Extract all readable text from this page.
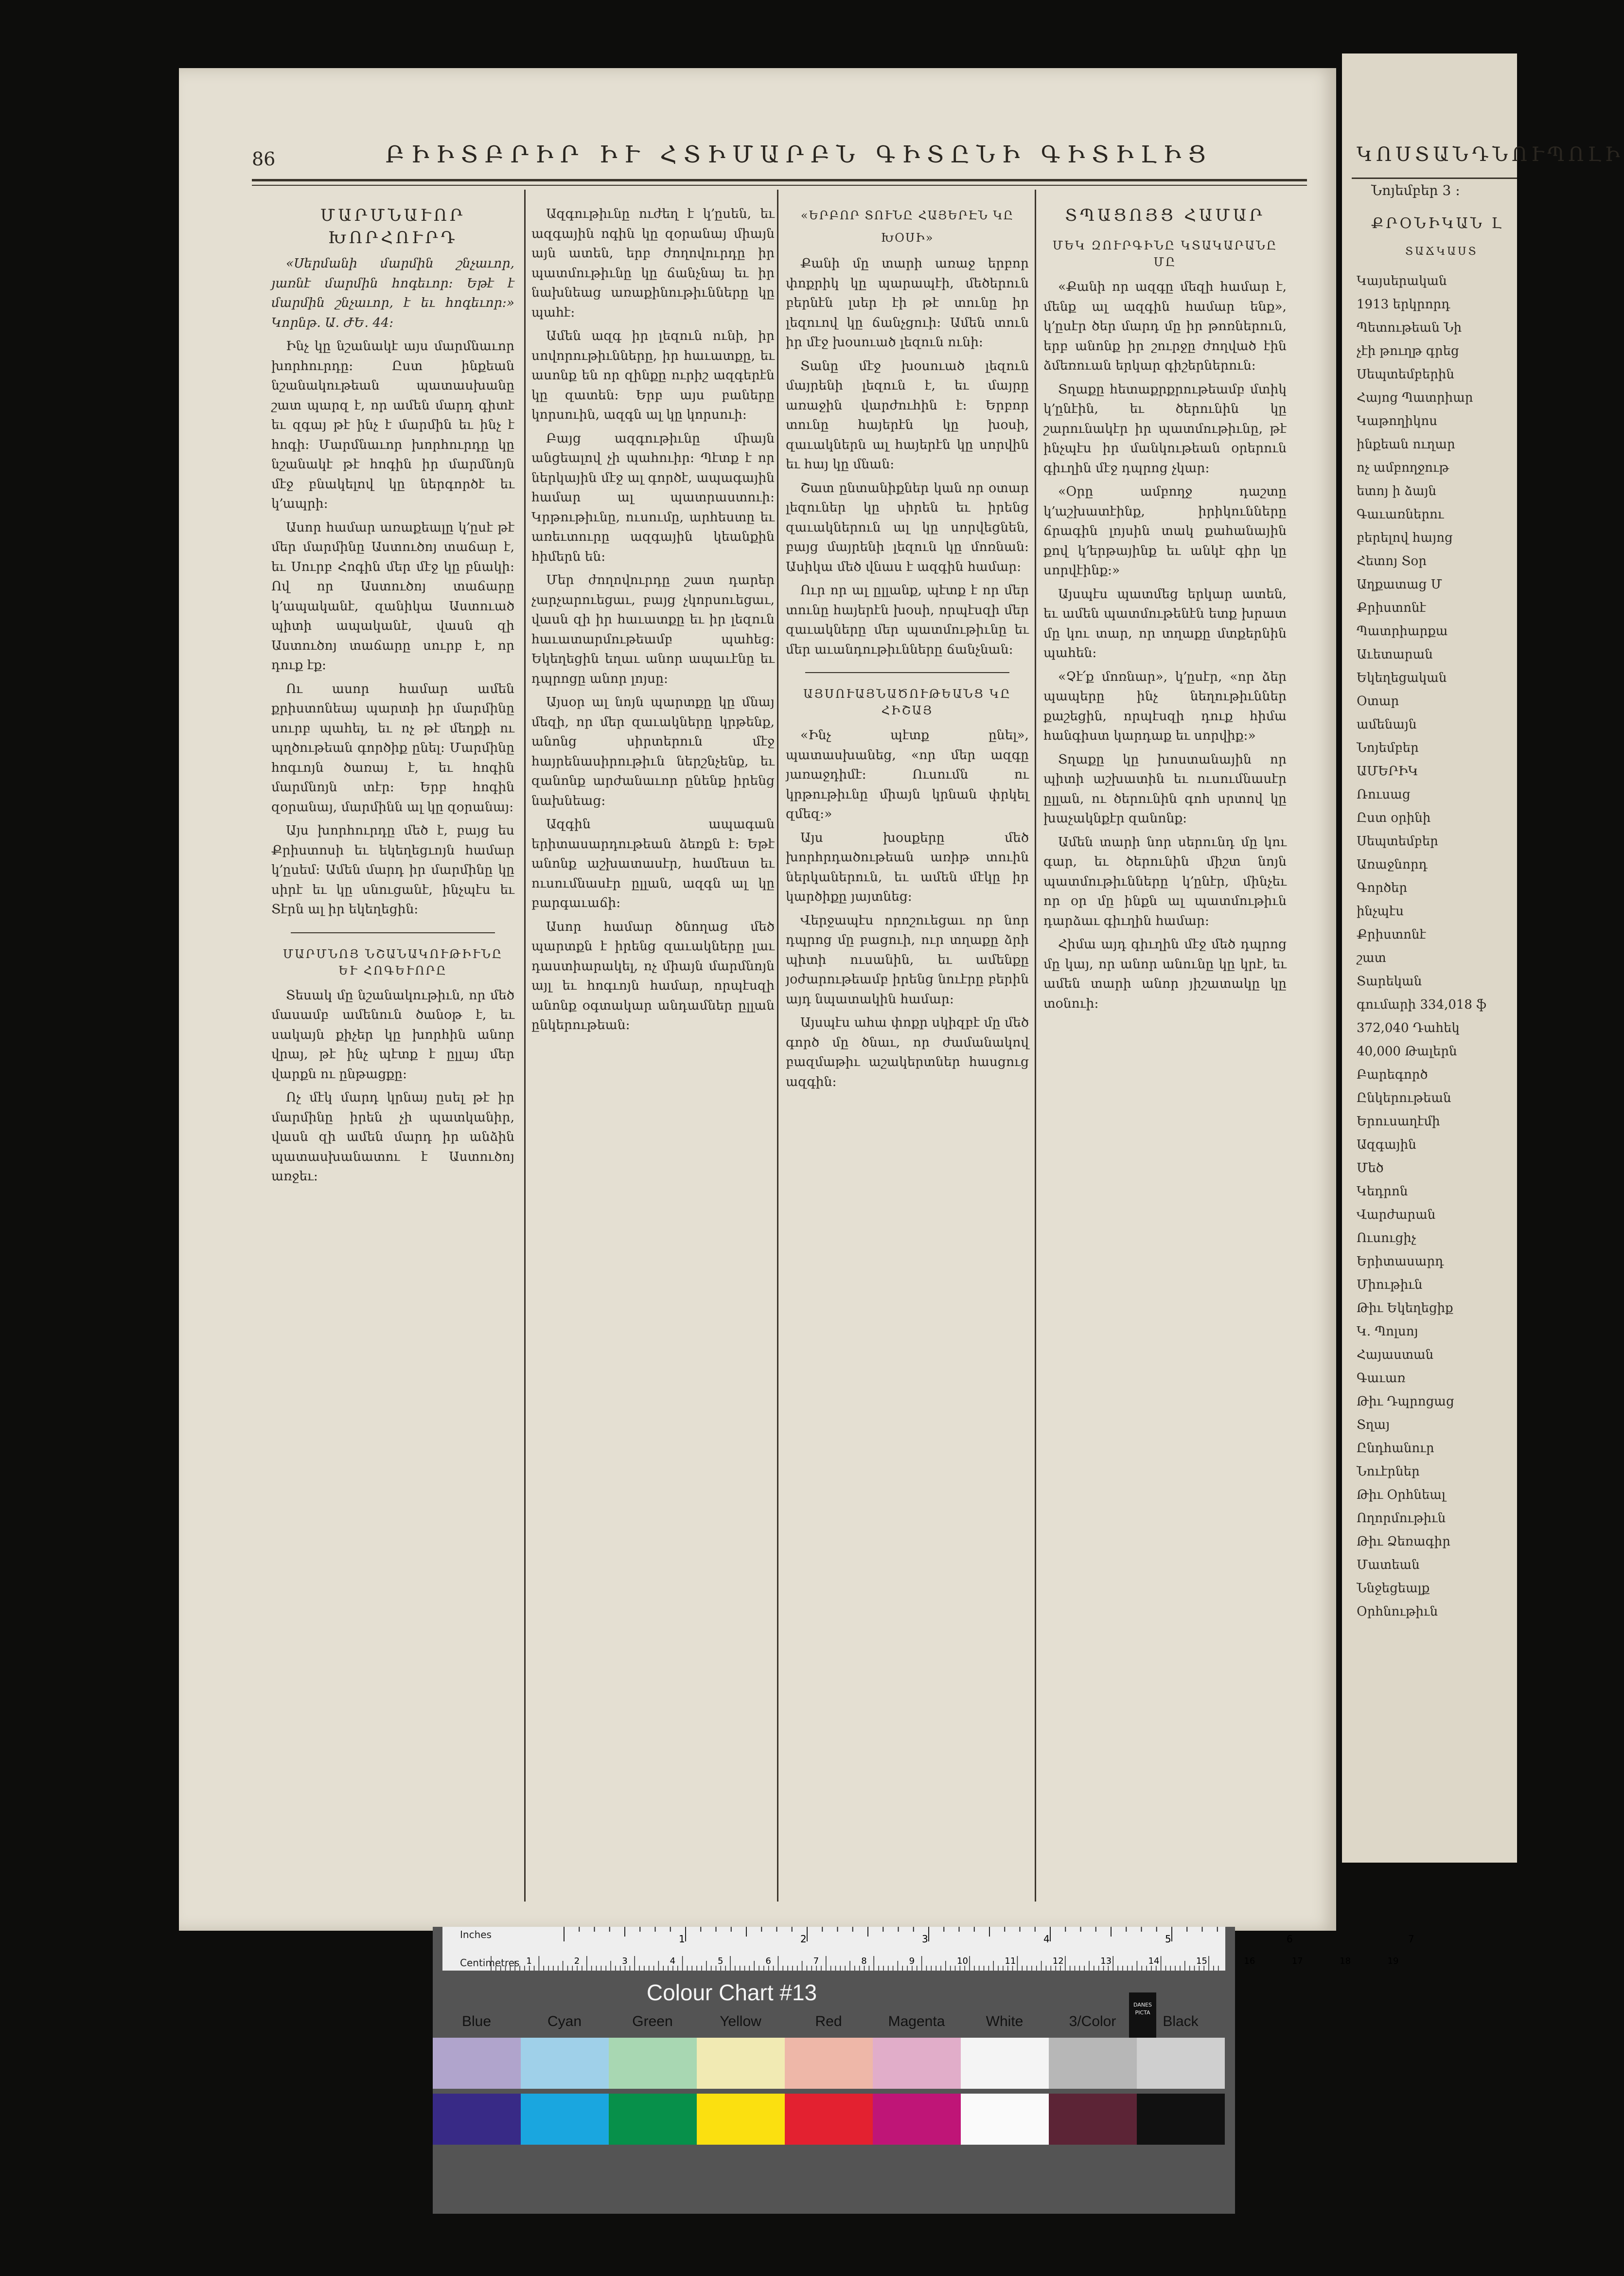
86	ԲԻԻՏԲՐԻՐ ԻՒ ՀՏԻՄԱՐԲՆ ԳԻՏԸՆԻ ԳԻՏԻԼԻՑ
ՄԱՐՄՆԱՒՈՐ ԽՈՐՀՈՒՐԴ

«Սերմանի մարմին շնչաւոր, յառնէ մարմին հոգեւոր։ Եթէ է մարմին շնչաւոր, է եւ հոգեւոր։» Կորնթ. Ա. ԺԵ. 44։

Ինչ կը նշանակէ այս մարմնաւոր խորհուրդը։ Ըստ ինքեան նշանակութեան պատասխանը շատ պարզ է, որ ամեն մարդ գիտէ եւ զգայ թէ ինչ է մարմին եւ ինչ է հոգի։ Մարմնաւոր խորհուրդը կը նշանակէ թէ հոգին իր մարմնոյն մէջ բնակելով կը ներգործէ եւ կ՚ապրի։

Ասոր համար առաքեալը կ՚ըսէ թէ մեր մարմինը Աստուծոյ տաճար է, եւ Սուրբ Հոգին մեր մէջ կը բնակի։ Ով որ Աստուծոյ տաճարը կ՚ապականէ, զանիկա Աստուած պիտի ապականէ, վասն զի Աստուծոյ տաճարը սուրբ է, որ դուք էք։

Ու ասոր համար ամեն քրիստոնեայ պարտի իր մարմինը սուրբ պահել, եւ ոչ թէ մեղքի ու պղծութեան գործիք ընել։ Մարմինը հոգւոյն ծառայ է, եւ հոգին մարմնոյն տէր։ Երբ հոգին զօրանայ, մարմինն ալ կը զօրանայ։

Այս խորհուրդը մեծ է, բայց ես Քրիստոսի եւ եկեղեցւոյն համար կ՚ըսեմ։ Ամեն մարդ իր մարմինը կը սիրէ եւ կը սնուցանէ, ինչպէս եւ Տէրն ալ իր եկեղեցին։

ՄԱՐՄՆՈՅ ՆՇԱՆԱԿՈՒԹԻՒՆԸ ԵՒ ՀՈԳԵՒՈՐԸ

Տեսակ մը նշանակութիւն, որ մեծ մասամբ ամենուն ծանօթ է, եւ սակայն քիչեր կը խորհին անոր վրայ, թէ ինչ պէտք է ըլլայ մեր վարքն ու ընթացքը։

Ոչ մէկ մարդ կրնայ ըսել թէ իր մարմինը իրեն չի պատկանիր, վասն զի ամեն մարդ իր անձին պատասխանատու է Աստուծոյ առջեւ։

Ազգութիւնը ուժեղ է կ՚ըսեն, եւ ազգային ոգին կը զօրանայ միայն այն ատեն, երբ ժողովուրդը իր պատմութիւնը կը ճանչնայ եւ իր նախնեաց առաքինութիւնները կը պահէ։

Ամեն ազգ իր լեզուն ունի, իր սովորութիւնները, իր հաւատքը, եւ ասոնք են որ զինքը ուրիշ ազգերէն կը զատեն։ Երբ այս բաները կորսուին, ազգն ալ կը կորսուի։

Բայց ազգութիւնը միայն անցեալով չի պահուիր։ Պէտք է որ ներկային մէջ ալ գործէ, ապագային համար ալ պատրաստուի։ Կրթութիւնը, ուսումը, արհեստը եւ առեւտուրը ազգային կեանքին հիմերն են։

Մեր ժողովուրդը շատ դարեր չարչարուեցաւ, բայց չկորսուեցաւ, վասն զի իր հաւատքը եւ իր լեզուն հաւատարմութեամբ պահեց։ Եկեղեցին եղաւ անոր ապաւէնը եւ դպրոցը անոր լոյսը։

Այսօր ալ նոյն պարտքը կը մնայ մեզի, որ մեր զաւակները կրթենք, անոնց սիրտերուն մէջ հայրենասիրութիւն ներշնչենք, եւ զանոնք արժանաւոր ընենք իրենց նախնեաց։

Ազգին ապագան երիտասարդութեան ձեռքն է։ Եթէ անոնք աշխատասէր, համեստ եւ ուսումնասէր ըլլան, ազգն ալ կը բարգաւաճի։

Ասոր համար ծնողաց մեծ պարտքն է իրենց զաւակները լաւ դաստիարակել, ոչ միայն մարմնոյն այլ եւ հոգւոյն համար, որպէսզի անոնք օգտակար անդամներ ըլլան ընկերութեան։

«ԵՐԲՈՐ ՏՈՒՆԸ ՀԱՅԵՐԷՆ ԿԸ ԽՕՍԻ»

Քանի մը տարի առաջ երբոր փոքրիկ կը պարապէի, մեծերուն բերնէն լսեր էի թէ տունը իր լեզուով կը ճանչցուի։ Ամեն տուն իր մէջ խօսուած լեզուն ունի։

Տանը մէջ խօսուած լեզուն մայրենի լեզուն է, եւ մայրը առաջին վարժուհին է։ Երբոր տունը հայերէն կը խօսի, զաւակներն ալ հայերէն կը սորվին եւ հայ կը մնան։

Շատ ընտանիքներ կան որ օտար լեզուներ կը սիրեն եւ իրենց զաւակներուն ալ կը սորվեցնեն, բայց մայրենի լեզուն կը մոռնան։ Ասիկա մեծ վնաս է ազգին համար։

Ուր որ ալ ըլլանք, պէտք է որ մեր տունը հայերէն խօսի, որպէսզի մեր զաւակները մեր պատմութիւնը եւ մեր աւանդութիւնները ճանչնան։

ԱՅՍՈՒԱՅՆԱԾՈՒԹԵԱՆՑ ԿԸ ՀԻՇԱՅ

«Ինչ պէտք ընել», պատասխանեց, «որ մեր ազգը յառաջդիմէ։ Ուսումն ու կրթութիւնը միայն կրնան փրկել զմեզ։»

Այս խօսքերը մեծ խորհրդածութեան առիթ տուին ներկաներուն, եւ ամեն մէկը իր կարծիքը յայտնեց։

Վերջապէս որոշուեցաւ որ նոր դպրոց մը բացուի, ուր տղաքը ձրի պիտի ուսանին, եւ ամենքը յօժարութեամբ իրենց նուէրը բերին այդ նպատակին համար։

Այսպէս ահա փոքր սկիզբէ մը մեծ գործ մը ծնաւ, որ ժամանակով բազմաթիւ աշակերտներ հասցուց ազգին։

ՏՊԱՑՈՅՑ ՀԱՄԱՐ
ՄԵԿ ԶՈՒՐԳԻՆԸ ԿՏԱԿԱՐԱՆԸ ՄԸ

«Քանի որ ազգը մեզի համար է, մենք ալ ազգին համար ենք», կ՚ըսէր ծեր մարդ մը իր թոռներուն, երբ անոնք իր շուրջը ժողված էին ձմեռուան երկար գիշերներուն։

Տղաքը հետաքրքրութեամբ մտիկ կ՚ընէին, եւ ծերունին կը շարունակէր իր պատմութիւնը, թէ ինչպէս իր մանկութեան օրերուն գիւղին մէջ դպրոց չկար։

«Օրը ամբողջ դաշտը կ՚աշխատէինք, իրիկունները ճրագին լոյսին տակ քահանային քով կ՚երթայինք եւ անկէ գիր կը սորվէինք։»

Այսպէս պատմեց երկար ատեն, եւ ամեն պատմութենէն ետք խրատ մը կու տար, որ տղաքը մտքերնին պահեն։

«Չէ՛ք մոռնար», կ՚ըսէր, «որ ձեր պապերը ինչ նեղութիւններ քաշեցին, որպէսզի դուք հիմա հանգիստ կարդաք եւ սորվիք։»

Տղաքը կը խոստանային որ պիտի աշխատին եւ ուսումնասէր ըլլան, ու ծերունին գոհ սրտով կը խաչակնքէր զանոնք։

Ամեն տարի նոր սերունդ մը կու գար, եւ ծերունին միշտ նոյն պատմութիւնները կ՚ընէր, մինչեւ որ օր մը ինքն ալ պատմութիւն դարձաւ գիւղին համար։

Հիմա այդ գիւղին մէջ մեծ դպրոց մը կայ, որ անոր անունը կը կրէ, եւ ամեն տարի անոր յիշատակը կը տօնուի։

ԿՈՍՏԱՆԴՆՈՒՊՈԼԻ
Նոյեմբեր 3 ։
ՔՐՕՆԻԿԱՆ Լ
ՏԱՃԿԱՍՏ

Կայսերական

1913 երկրորդ

Պետութեան Նի

չէի թուղթ գրեց

Սեպտեմբերին

Հայոց Պատրիար

Կաթողիկոս

ինքեան ուղար

ոչ ամբողջութ

ետոյ ի ձայն

Գաւառներու

բերելով հայոց

Հետոյ Տօր

Աղքատաց Մ

Քրիստոնէ

Պատրիարքա

Աւետարան

Եկեղեցական

Օտար

ամենայն

Նոյեմբեր

ԱՄԵՐԻԿ

Ռուսաց

Ըստ օրինի

Սեպտեմբեր

Առաջնորդ

Գործեր

ինչպէս

Քրիստոնէ

շատ

Տարեկան

գումարի 334,018 ֆ

372,040 Դահեկ

40,000 Թալերն

Բարեգործ

Ընկերութեան

Երուսաղէմի

Ազգային

Մեծ

Կեդրոն

Վարժարան

Ուսուցիչ

Երիտասարդ

Միութիւն

Թիւ Եկեղեցիք

Կ. Պոլսոյ

Հայաստան

Գաւառ

Թիւ Դպրոցաց

Տղայ

Ընդհանուր

Նուէրներ

Թիւ Օրհնեալ

Ողորմութիւն

Թիւ Ձեռագիր

Մատեան

Ննջեցեալք

Օրհնութիւն

Inches
Centimetres
1	2	3	4	5	6	7
1	2	3	4	5	6	7	8	9	10	11	12	13	14	15	16	17	18	19
Colour Chart #13
Blue	Cyan	Green	Yellow	Red	Magenta	White	3/Color	Black
DANES PICTA
